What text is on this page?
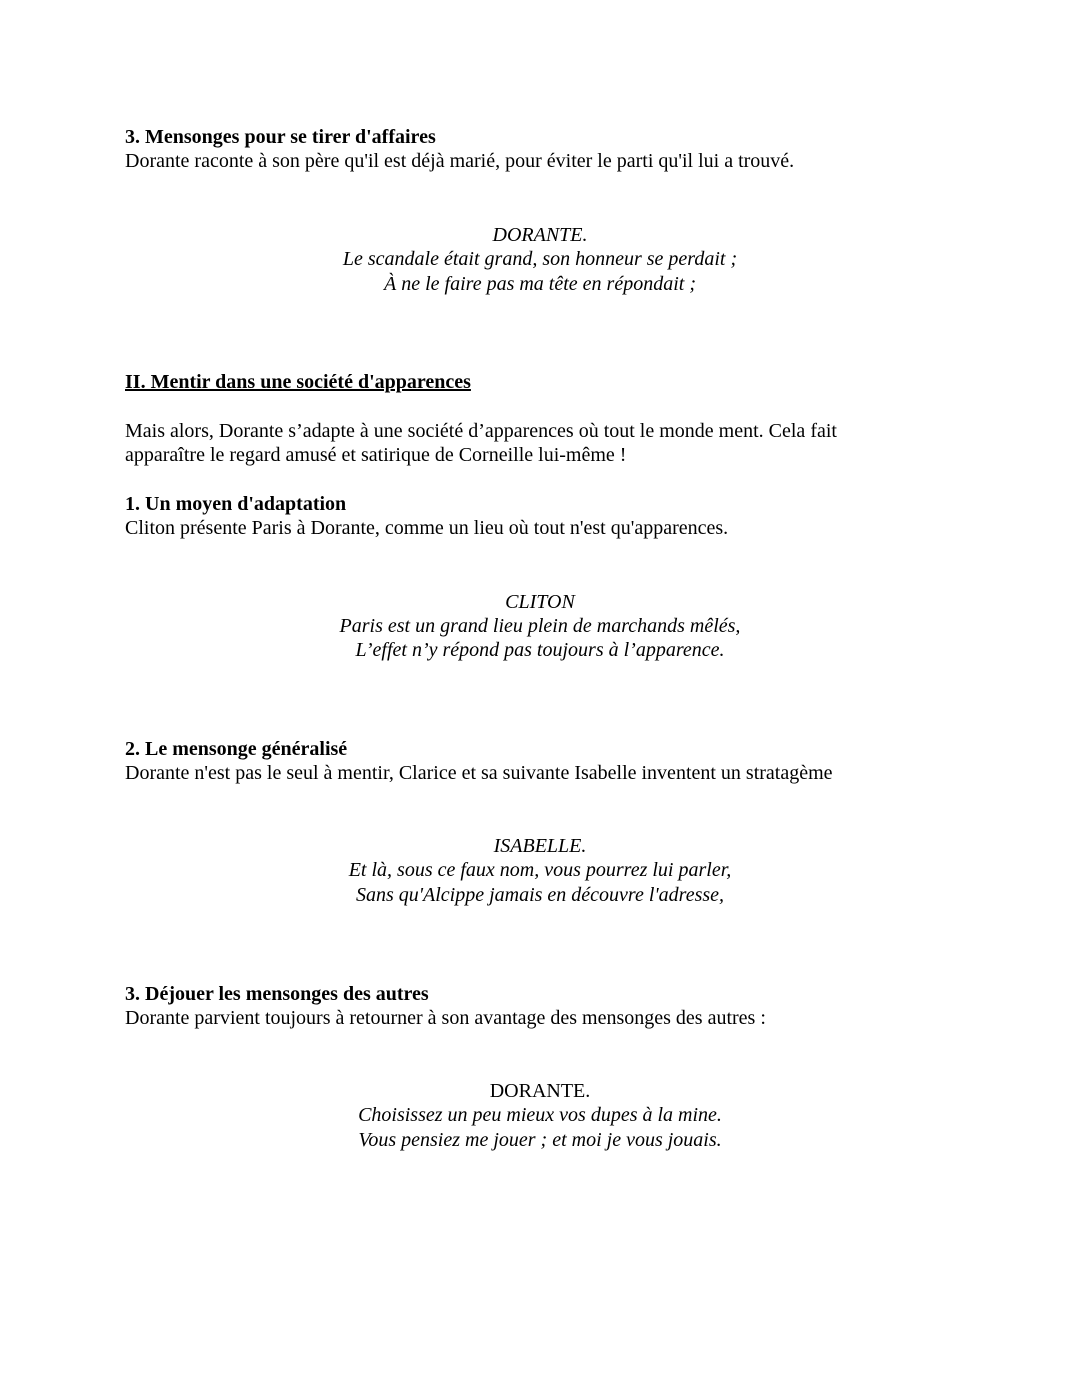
3. Mensonges pour se tirer d'affaires

Dorante raconte à son père qu'il est déjà marié, pour éviter le parti qu'il lui a trouvé.

DORANTE.

Le scandale était grand, son honneur se perdait ;

À ne le faire pas ma tête en répondait ;

II. Mentir dans une société d'apparences

Mais alors, Dorante s’adapte à une société d’apparences où tout le monde ment. Cela fait

apparaître le regard amusé et satirique de Corneille lui-même !

1. Un moyen d'adaptation

Cliton présente Paris à Dorante, comme un lieu où tout n'est qu'apparences.

CLITON

Paris est un grand lieu plein de marchands mêlés,

L’effet n’y répond pas toujours à l’apparence.

2. Le mensonge généralisé

Dorante n'est pas le seul à mentir, Clarice et sa suivante Isabelle inventent un stratagème

ISABELLE.

Et là, sous ce faux nom, vous pourrez lui parler,

Sans qu'Alcippe jamais en découvre l'adresse,

3. Déjouer les mensonges des autres

Dorante parvient toujours à retourner à son avantage des mensonges des autres :

DORANTE.

Choisissez un peu mieux vos dupes à la mine.

Vous pensiez me jouer ; et moi je vous jouais.
